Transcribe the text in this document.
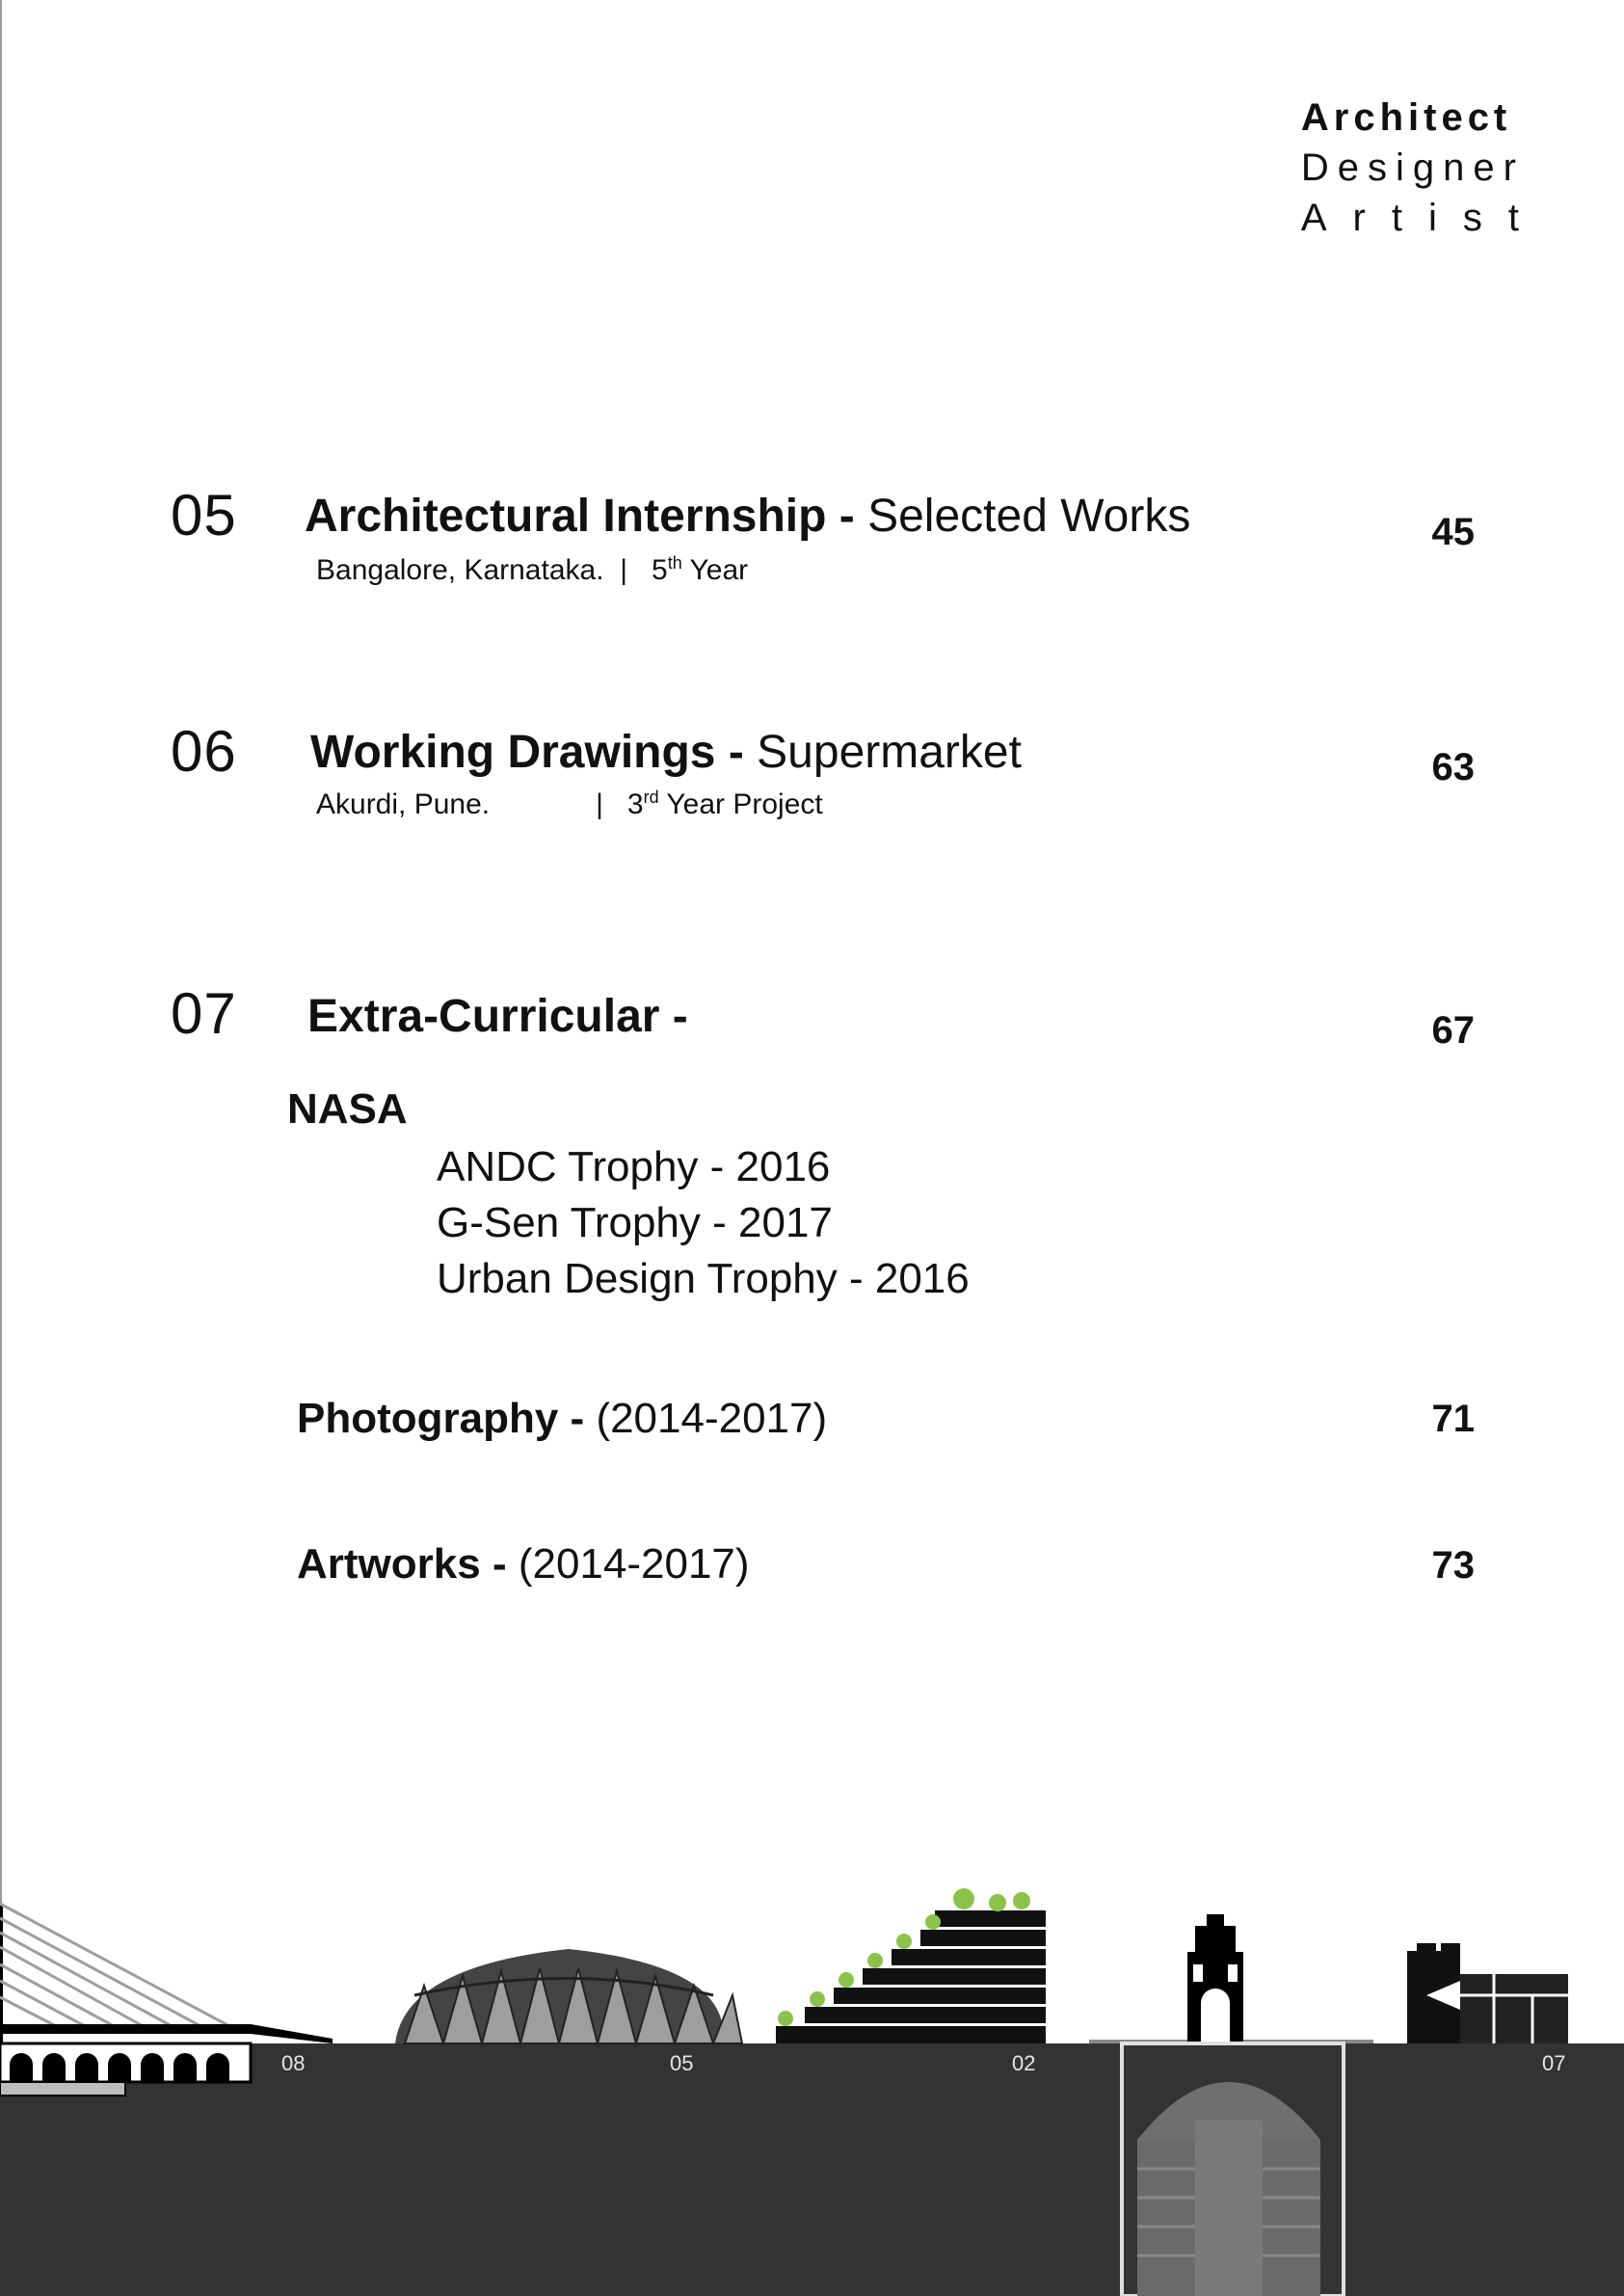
Architect
Designer
Artist
05 Architectural Internship - Selected Works
Bangalore, Karnataka. | 5th Year
45
06 Working Drawings - Supermarket
Akurdi, Pune.	| 3rd Year Project
63
07 Extra-Curricular -	67
NASA
ANDC Trophy - 2016
G-Sen Trophy - 2017
Urban Design Trophy - 2016
Photography - (2014-2017)	71
Artworks - (2014-2017)	73
08	05	02	07
